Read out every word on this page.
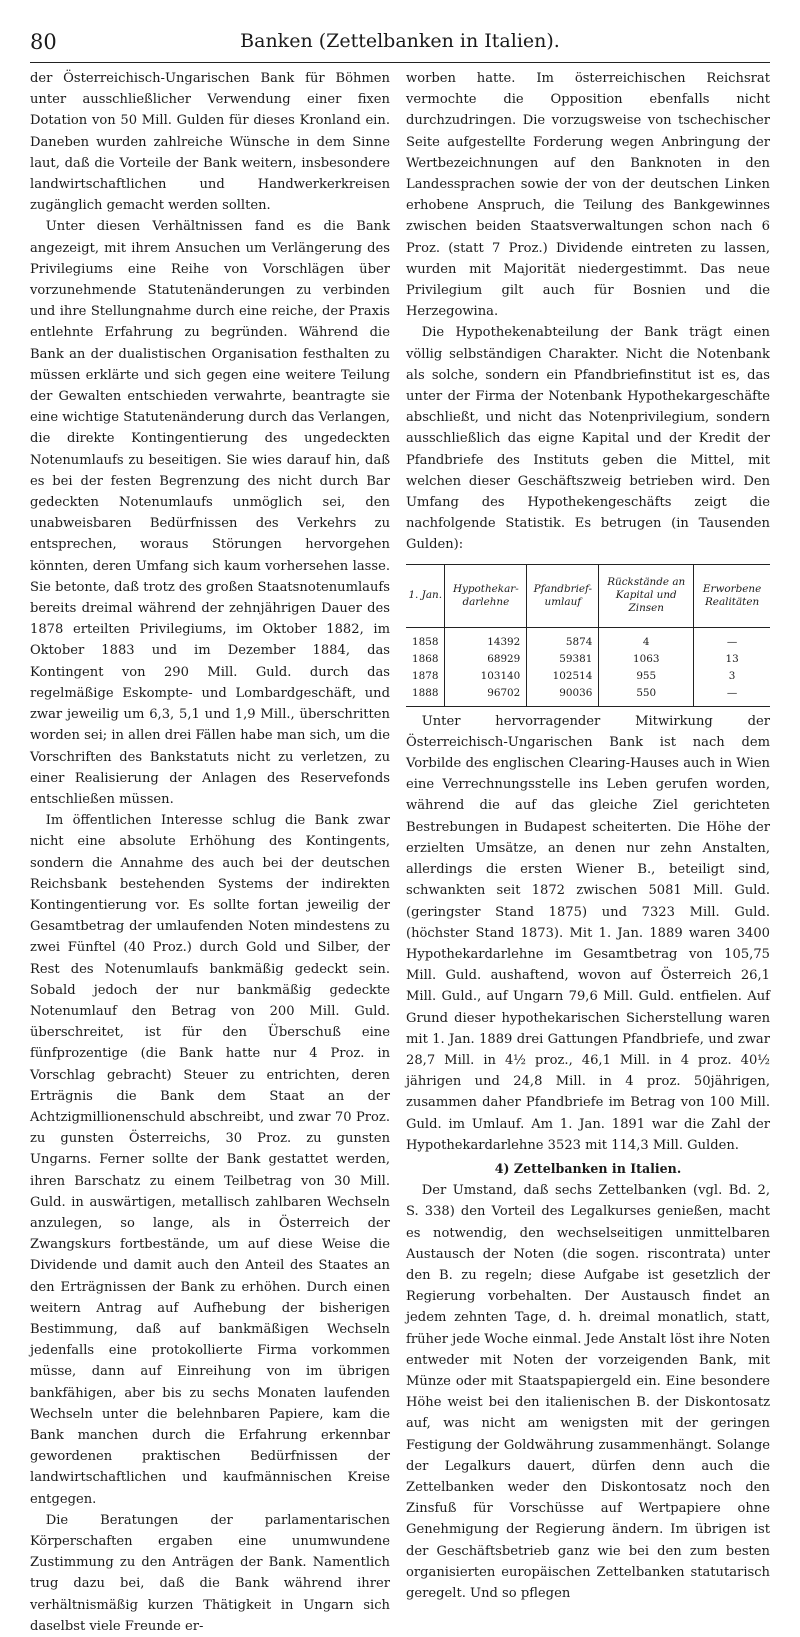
80	Banken (Zettelbanken in Italien).

der Österreichisch-Ungarischen Bank für Böhmen unter ausschließlicher Verwendung einer fixen Dotation von 50 Mill. Gulden für dieses Kronland ein. Daneben wurden zahlreiche Wünsche in dem Sinne laut, daß die Vorteile der Bank weitern, insbesondere landwirtschaftlichen und Handwerkerkreisen zugänglich gemacht werden sollten.

Unter diesen Verhältnissen fand es die Bank angezeigt, mit ihrem Ansuchen um Verlängerung des Privilegiums eine Reihe von Vorschlägen über vorzunehmende Statutenänderungen zu verbinden und ihre Stellungnahme durch eine reiche, der Praxis entlehnte Erfahrung zu begründen. Während die Bank an der dualistischen Organisation festhalten zu müssen erklärte und sich gegen eine weitere Teilung der Gewalten entschieden verwahrte, beantragte sie eine wichtige Statutenänderung durch das Verlangen, die direkte Kontingentierung des ungedeckten Notenumlaufs zu beseitigen. Sie wies darauf hin, daß es bei der festen Begrenzung des nicht durch Bar gedeckten Notenumlaufs unmöglich sei, den unabweisbaren Bedürfnissen des Verkehrs zu entsprechen, woraus Störungen hervorgehen könnten, deren Umfang sich kaum vorhersehen lasse. Sie betonte, daß trotz des großen Staatsnotenumlaufs bereits dreimal während der zehnjährigen Dauer des 1878 erteilten Privilegiums, im Oktober 1882, im Oktober 1883 und im Dezember 1884, das Kontingent von 290 Mill. Guld. durch das regelmäßige Eskompte- und Lombardgeschäft, und zwar jeweilig um 6,3, 5,1 und 1,9 Mill., überschritten worden sei; in allen drei Fällen habe man sich, um die Vorschriften des Bankstatuts nicht zu verletzen, zu einer Realisierung der Anlagen des Reservefonds entschließen müssen.

Im öffentlichen Interesse schlug die Bank zwar nicht eine absolute Erhöhung des Kontingents, sondern die Annahme des auch bei der deutschen Reichsbank bestehenden Systems der indirekten Kontingentierung vor. Es sollte fortan jeweilig der Gesamtbetrag der umlaufenden Noten mindestens zu zwei Fünftel (40 Proz.) durch Gold und Silber, der Rest des Notenumlaufs bankmäßig gedeckt sein. Sobald jedoch der nur bankmäßig gedeckte Notenumlauf den Betrag von 200 Mill. Guld. überschreitet, ist für den Überschuß eine fünfprozentige (die Bank hatte nur 4 Proz. in Vorschlag gebracht) Steuer zu entrichten, deren Erträgnis die Bank dem Staat an der Achtzigmillionenschuld abschreibt, und zwar 70 Proz. zu gunsten Österreichs, 30 Proz. zu gunsten Ungarns. Ferner sollte der Bank gestattet werden, ihren Barschatz zu einem Teilbetrag von 30 Mill. Guld. in auswärtigen, metallisch zahlbaren Wechseln anzulegen, so lange, als in Österreich der Zwangskurs fortbestände, um auf diese Weise die Dividende und damit auch den Anteil des Staates an den Erträgnissen der Bank zu erhöhen. Durch einen weitern Antrag auf Aufhebung der bisherigen Bestimmung, daß auf bankmäßigen Wechseln jedenfalls eine protokollierte Firma vorkommen müsse, dann auf Einreihung von im übrigen bankfähigen, aber bis zu sechs Monaten laufenden Wechseln unter die belehnbaren Papiere, kam die Bank manchen durch die Erfahrung erkennbar gewordenen praktischen Bedürfnissen der landwirtschaftlichen und kaufmännischen Kreise entgegen.

Die Beratungen der parlamentarischen Körperschaften ergaben eine unumwundene Zustimmung zu den Anträgen der Bank. Namentlich trug dazu bei, daß die Bank während ihrer verhältnismäßig kurzen Thätigkeit in Ungarn sich daselbst viele Freunde er-

worben hatte. Im österreichischen Reichsrat vermochte die Opposition ebenfalls nicht durchzudringen. Die vorzugsweise von tschechischer Seite aufgestellte Forderung wegen Anbringung der Wertbezeichnungen auf den Banknoten in den Landessprachen sowie der von der deutschen Linken erhobene Anspruch, die Teilung des Bankgewinnes zwischen beiden Staatsverwaltungen schon nach 6 Proz. (statt 7 Proz.) Dividende eintreten zu lassen, wurden mit Majorität niedergestimmt. Das neue Privilegium gilt auch für Bosnien und die Herzegowina.

Die Hypothekenabteilung der Bank trägt einen völlig selbständigen Charakter. Nicht die Notenbank als solche, sondern ein Pfandbriefinstitut ist es, das unter der Firma der Notenbank Hypothekargeschäfte abschließt, und nicht das Notenprivilegium, sondern ausschließlich das eigne Kapital und der Kredit der Pfandbriefe des Instituts geben die Mittel, mit welchen dieser Geschäftszweig betrieben wird. Den Umfang des Hypothekengeschäfts zeigt die nachfolgende Statistik. Es betrugen (in Tausenden Gulden):

1. Jan.	Hypothekar-darlehne	Pfandbrief-umlauf	Rückstände an Kapital und Zinsen	Erworbene Realitäten
1858	14392	5874	4	—
1868	68929	59381	1063	13
1878	103140	102514	955	3
1888	96702	90036	550	—

Unter hervorragender Mitwirkung der Österreichisch-Ungarischen Bank ist nach dem Vorbilde des englischen Clearing-Hauses auch in Wien eine Verrechnungsstelle ins Leben gerufen worden, während die auf das gleiche Ziel gerichteten Bestrebungen in Budapest scheiterten. Die Höhe der erzielten Umsätze, an denen nur zehn Anstalten, allerdings die ersten Wiener B., beteiligt sind, schwankten seit 1872 zwischen 5081 Mill. Guld. (geringster Stand 1875) und 7323 Mill. Guld. (höchster Stand 1873). Mit 1. Jan. 1889 waren 3400 Hypothekardarlehne im Gesamtbetrag von 105,75 Mill. Guld. aushaftend, wovon auf Österreich 26,1 Mill. Guld., auf Ungarn 79,6 Mill. Guld. entfielen. Auf Grund dieser hypothekarischen Sicherstellung waren mit 1. Jan. 1889 drei Gattungen Pfandbriefe, und zwar 28,7 Mill. in 4½ proz., 46,1 Mill. in 4 proz. 40½ jährigen und 24,8 Mill. in 4 proz. 50jährigen, zusammen daher Pfandbriefe im Betrag von 100 Mill. Guld. im Umlauf. Am 1. Jan. 1891 war die Zahl der Hypothekardarlehne 3523 mit 114,3 Mill. Gulden.

4) Zettelbanken in Italien.

Der Umstand, daß sechs Zettelbanken (vgl. Bd. 2, S. 338) den Vorteil des Legalkurses genießen, macht es notwendig, den wechselseitigen unmittelbaren Austausch der Noten (die sogen. riscontrata) unter den B. zu regeln; diese Aufgabe ist gesetzlich der Regierung vorbehalten. Der Austausch findet an jedem zehnten Tage, d. h. dreimal monatlich, statt, früher jede Woche einmal. Jede Anstalt löst ihre Noten entweder mit Noten der vorzeigenden Bank, mit Münze oder mit Staatspapiergeld ein. Eine besondere Höhe weist bei den italienischen B. der Diskontosatz auf, was nicht am wenigsten mit der geringen Festigung der Goldwährung zusammenhängt. Solange der Legalkurs dauert, dürfen denn auch die Zettelbanken weder den Diskontosatz noch den Zinsfuß für Vorschüsse auf Wertpapiere ohne Genehmigung der Regierung ändern. Im übrigen ist der Geschäftsbetrieb ganz wie bei den zum besten organisierten europäischen Zettelbanken statutarisch geregelt. Und so pflegen
